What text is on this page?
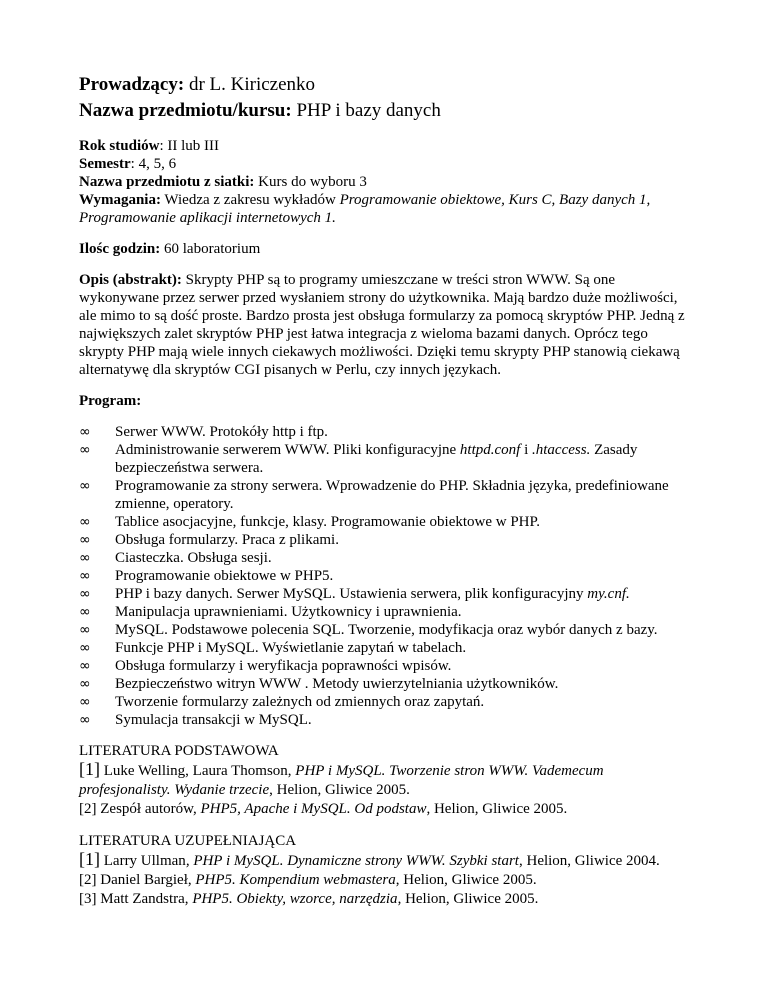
Prowadzący: dr L. Kiriczenko

Nazwa przedmiotu/kursu: PHP i bazy danych

Rok studiów: II lub III

Semestr: 4, 5, 6

Nazwa przedmiotu z siatki: Kurs do wyboru 3

Wymagania: Wiedza z zakresu wykładów Programowanie obiektowe, Kurs C, Bazy danych 1, Programowanie aplikacji internetowych 1.

Ilośc godzin: 60 laboratorium

Opis (abstrakt): Skrypty PHP są to programy umieszczane w treści stron WWW. Są one wykonywane przez serwer przed wysłaniem strony do użytkownika. Mają bardzo duże możliwości, ale mimo to są dość proste. Bardzo prosta jest obsługa formularzy za pomocą skryptów PHP. Jedną z największych zalet skryptów PHP jest łatwa integracja z wieloma bazami danych. Oprócz tego skrypty PHP mają wiele innych ciekawych możliwości. Dzięki temu skrypty PHP stanowią ciekawą alternatywę dla skryptów CGI pisanych w Perlu, czy innych językach.

Program:

∞	Serwer WWW. Protokóły http i ftp.
∞	Administrowanie serwerem WWW. Pliki konfiguracyjne httpd.conf i .htaccess. Zasady bezpieczeństwa serwera.
∞	Programowanie za strony serwera. Wprowadzenie do PHP. Składnia języka, predefiniowane zmienne, operatory.
∞	Tablice asocjacyjne, funkcje, klasy. Programowanie obiektowe w PHP.
∞	Obsługa formularzy. Praca z plikami.
∞	Ciasteczka. Obsługa sesji.
∞	Programowanie obiektowe w PHP5.
∞	PHP i bazy danych. Serwer MySQL. Ustawienia serwera, plik konfiguracyjny my.cnf.
∞	Manipulacja uprawnieniami. Użytkownicy i uprawnienia.
∞	MySQL. Podstawowe polecenia SQL. Tworzenie, modyfikacja oraz wybór danych z bazy.
∞	Funkcje PHP i MySQL. Wyświetlanie zapytań w tabelach.
∞	Obsługa formularzy i weryfikacja poprawności wpisów.
∞	Bezpieczeństwo witryn WWW . Metody uwierzytelniania użytkowników.
∞	Tworzenie formularzy zależnych od zmiennych oraz zapytań.
∞	Symulacja transakcji w MySQL.

LITERATURA PODSTAWOWA

[1] Luke Welling, Laura Thomson, PHP i MySQL. Tworzenie stron WWW. Vademecum profesjonalisty. Wydanie trzecie, Helion, Gliwice 2005.

[2] Zespół autorów, PHP5, Apache i MySQL. Od podstaw, Helion, Gliwice 2005.

LITERATURA UZUPEŁNIAJĄCA

[1] Larry Ullman, PHP i MySQL. Dynamiczne strony WWW. Szybki start, Helion, Gliwice 2004.

[2] Daniel Bargieł, PHP5. Kompendium webmastera, Helion, Gliwice 2005.

[3] Matt Zandstra, PHP5. Obiekty, wzorce, narzędzia, Helion, Gliwice 2005.
